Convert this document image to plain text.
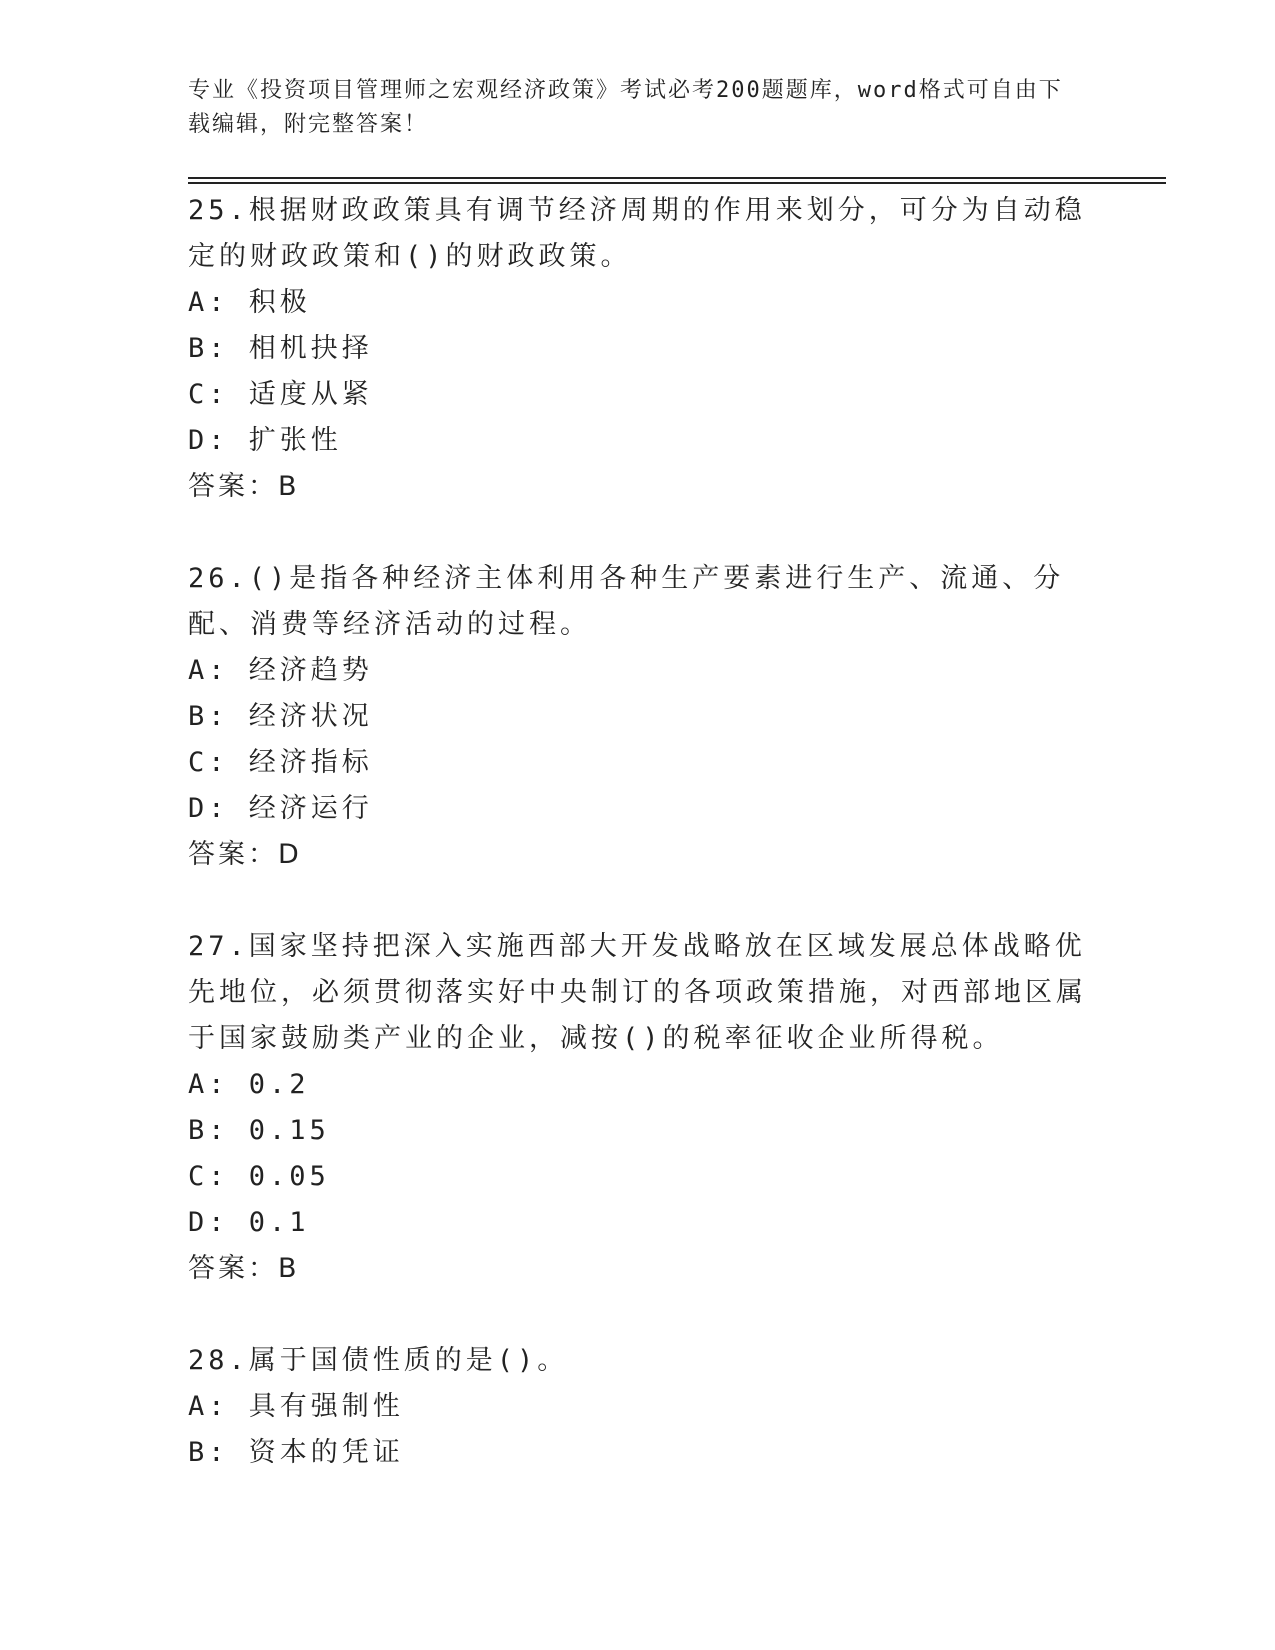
专业《投资项目管理师之宏观经济政策》考试必考200题题库，word格式可自由下载编辑，附完整答案！
25.根据财政政策具有调节经济周期的作用来划分，可分为自动稳定的财政政策和()的财政政策。
A: 积极
B: 相机抉择
C: 适度从紧
D: 扩张性
答案：B
26.()是指各种经济主体利用各种生产要素进行生产、流通、分配、消费等经济活动的过程。
A: 经济趋势
B: 经济状况
C: 经济指标
D: 经济运行
答案：D
27.国家坚持把深入实施西部大开发战略放在区域发展总体战略优先地位，必须贯彻落实好中央制订的各项政策措施，对西部地区属于国家鼓励类产业的企业，减按()的税率征收企业所得税。
A: 0.2
B: 0.15
C: 0.05
D: 0.1
答案：B
28.属于国债性质的是()。
A: 具有强制性
B: 资本的凭证
